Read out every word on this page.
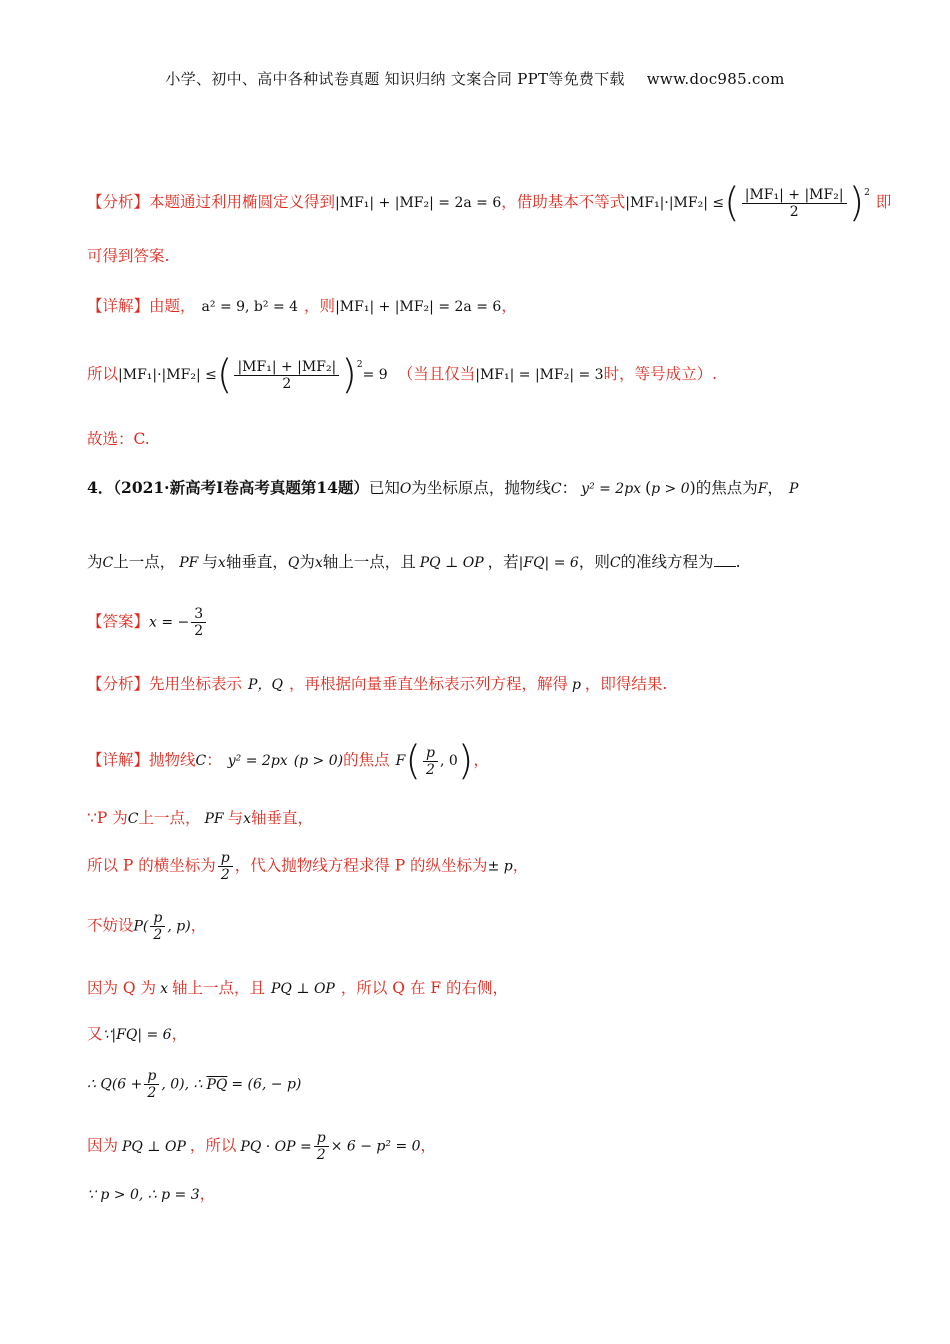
小学、初中、高中各种试卷真题 知识归纳 文案合同 PPT等免费下载 www.doc985.com
【分析】本题通过利用椭圆定义得到|MF₁| + |MF₂| = 2a = 6，借助基本不等式|MF₁|·|MF₂| ≤( $\frac{\text{|MF₁| + |MF₂|}}{2} )^2$ 即
可得到答案.
【详解】由题， a² = 9, b² = 4 ，则|MF₁| + |MF₂| = 2a = 6，
所以|MF₁|·|MF₂| ≤( $\frac{\text{|MF₁| + |MF₂|}}{2} )^2= 9$ （当且仅当|MF₁| = |MF₂| = 3时，等号成立）.
故选：C.
4．（2021·新高考Ⅰ卷高考真题第14题）已知O为坐标原点，抛物线C： y² = 2px (p > 0)的焦点为F， P
为C上一点， PF 与x轴垂直，Q为x轴上一点，且 PQ ⊥ OP ，若|FQ| = 6，则C的准线方程为 .
【答案】x = − $\frac{3}{2}$
【分析】先用坐标表示 P，Q ，再根据向量垂直坐标表示列方程，解得 p ，即得结果.
【详解】抛物线C： y² = 2px (p > 0)的焦点 $F( \frac{p}{2}$ , 0)，
∵P 为C上一点， PF 与x轴垂直，
所以 P 的横坐标为 $\frac{p}{2}$ ，代入抛物线方程求得 P 的纵坐标为± p，
不妨设$P( \frac{p}{2}$ , p)，
因为 Q 为 x 轴上一点，且 PQ ⊥ OP ，所以 Q 在 F 的右侧，
又∵|FQ| = 6，
∴ $Q(6 + \frac{p}{2}$ , 0), ∴ $\overline{PQ} = (6$, − p)
因为 PQ ⊥ OP ，所以 PQ · OP = $\frac{p}{2} \times 6 - p^2 = 0$，
∵ p > 0, ∴ p = 3，
